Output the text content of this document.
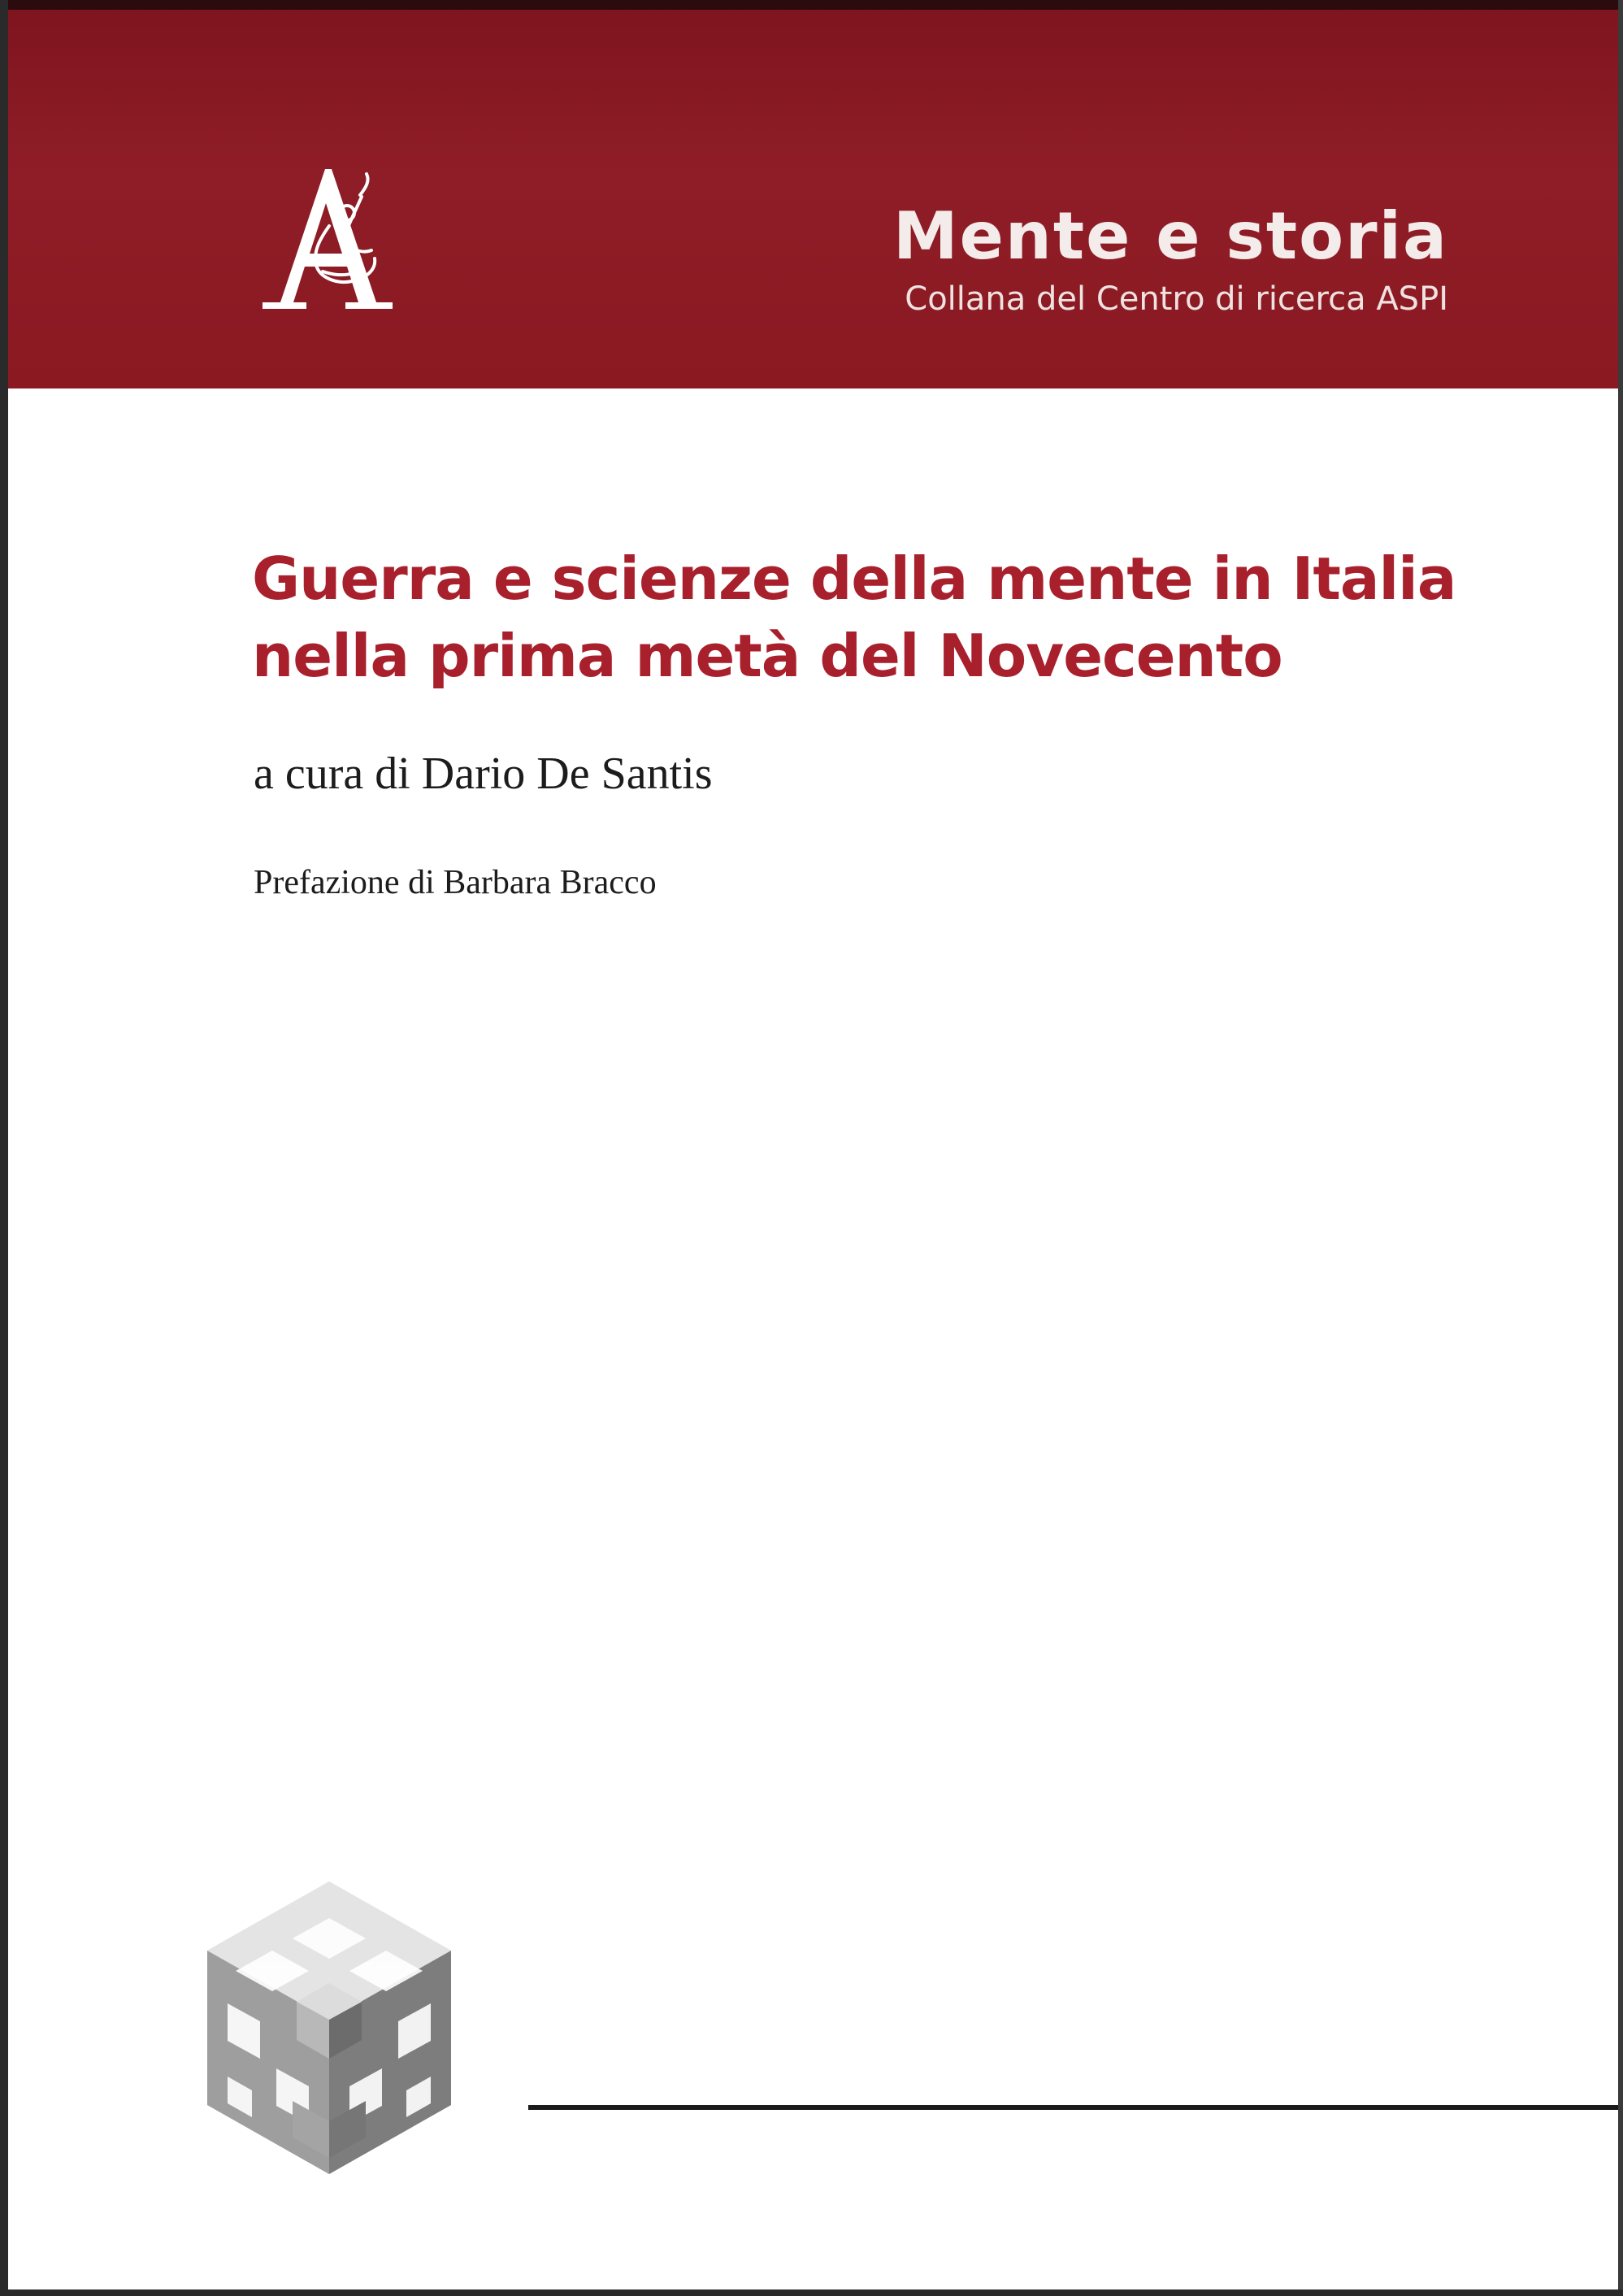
Mente e storia
Collana del Centro di ricerca ASPI
Guerra e scienze della mente in Italia
nella prima metà del Novecento
a cura di Dario De Santis
Prefazione di Barbara Bracco
